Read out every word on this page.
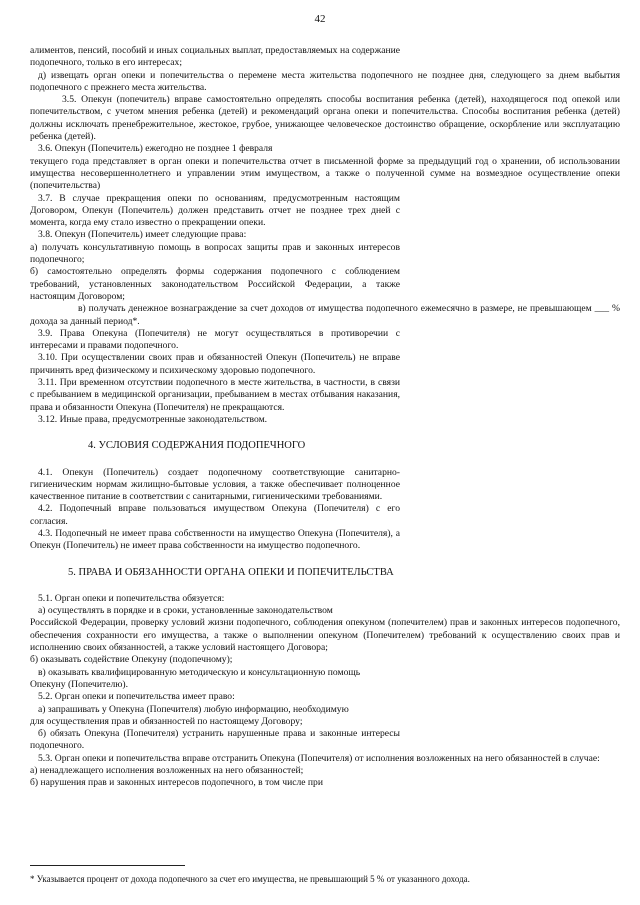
42

алиментов, пенсий, пособий и иных социальных выплат, предоставляемых на содержание подопечного, только в его интересах;

д) извещать орган опеки и попечительства о перемене места жительства подопечного не позднее дня, следующего за днем выбытия подопечного с прежнего места жительства.

3.5. Опекун (попечитель) вправе самостоятельно определять способы воспитания ребенка (детей), находящегося под опекой или попечительством, с учетом мнения ребенка (детей) и рекомендаций органа опеки и попечительства. Способы воспитания ребенка (детей) должны исключать пренебрежительное, жестокое, грубое, унижающее человеческое достоинство обращение, оскорбление или эксплуатацию ребенка (детей).

3.6. Опекун (Попечитель) ежегодно не позднее 1 февраля

текущего года представляет в орган опеки и попечительства отчет в письменной форме за предыдущий год о хранении, об использовании имущества несовершеннолетнего и управлении этим имуществом, а также о полученной сумме на возмездное осуществление опеки (попечительства)

3.7. В случае прекращения опеки по основаниям, предусмотренным настоящим Договором, Опекун (Попечитель) должен представить отчет не позднее трех дней с момента, когда ему стало известно о прекращении опеки.

3.8. Опекун (Попечитель) имеет следующие права:

а) получать консультативную помощь в вопросах защиты прав и законных интересов подопечного;

б) самостоятельно определять формы содержания подопечного с соблюдением требований, установленных законодательством Российской Федерации, а также настоящим Договором;

в) получать денежное вознаграждение за счет доходов от имущества подопечного ежемесячно в размере, не превышающем ___ % дохода за данный период*.

3.9. Права Опекуна (Попечителя) не могут осуществляться в противоречии с интересами и правами подопечного.

3.10. При осуществлении своих прав и обязанностей Опекун (Попечитель) не вправе причинять вред физическому и психическому здоровью подопечного.

3.11. При временном отсутствии подопечного в месте жительства, в частности, в связи с пребыванием в медицинской организации, пребыванием в местах отбывания наказания, права и обязанности Опекуна (Попечителя) не прекращаются.

3.12. Иные права, предусмотренные законодательством.

4. УСЛОВИЯ СОДЕРЖАНИЯ ПОДОПЕЧНОГО

4.1. Опекун (Попечитель) создает подопечному соответствующие санитарно-гигиеническим нормам жилищно-бытовые условия, а также обеспечивает полноценное качественное питание в соответствии с санитарными, гигиеническими требованиями.

4.2. Подопечный вправе пользоваться имуществом Опекуна (Попечителя) с его согласия.

4.3. Подопечный не имеет права собственности на имущество Опекуна (Попечителя), а Опекун (Попечитель) не имеет права собственности на имущество подопечного.

5. ПРАВА И ОБЯЗАННОСТИ ОРГАНА ОПЕКИ И ПОПЕЧИТЕЛЬСТВА

5.1. Орган опеки и попечительства обязуется:

а) осуществлять в порядке и в сроки, установленные законодательством

Российской Федерации, проверку условий жизни подопечного, соблюдения опекуном (попечителем) прав и законных интересов подопечного, обеспечения сохранности его имущества, а также о выполнении опекуном (Попечителем) требований к осуществлению своих прав и исполнению своих обязанностей, а также условий настоящего Договора;

б) оказывать содействие Опекуну (подопечному);

в) оказывать квалифицированную методическую и консультационную помощь

Опекуну (Попечителю).

5.2. Орган опеки и попечительства имеет право:

а) запрашивать у Опекуна (Попечителя) любую информацию, необходимую

для осуществления прав и обязанностей по настоящему Договору;

б) обязать Опекуна (Попечителя) устранить нарушенные права и законные интересы подопечного.

5.3. Орган опеки и попечительства вправе отстранить Опекуна (Попечителя) от исполнения возложенных на него обязанностей в случае:

а) ненадлежащего исполнения возложенных на него обязанностей;

б) нарушения прав и законных интересов подопечного, в том числе при

* Указывается процент от дохода подопечного за счет его имущества, не превышающий 5 % от указанного дохода.
